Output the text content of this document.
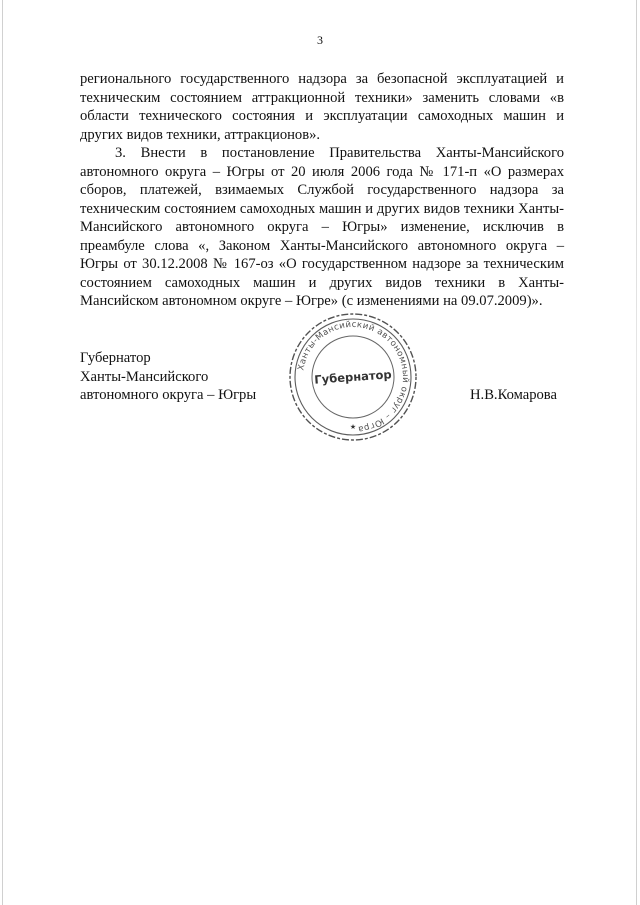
3

регионального государственного надзора за безопасной эксплуатацией и техническим состоянием аттракционной техники» заменить словами «в области технического состояния и эксплуатации самоходных машин и других видов техники, аттракционов».

3. Внести в постановление Правительства Ханты-Мансийского автономного округа – Югры от 20 июля 2006 года № 171-п «О размерах сборов, платежей, взимаемых Службой государственного надзора за техническим состоянием самоходных машин и других видов техники Ханты-Мансийского автономного округа – Югры» изменение, исключив в преамбуле слова «, Законом Ханты-Мансийского автономного округа – Югры от 30.12.2008 № 167-оз «О государственном надзоре за техническим состоянием самоходных машин и других видов техники в Ханты-Мансийском автономном округе – Югре» (с изменениями на 09.07.2009)».

Губернатор
Ханты-Мансийского
автономного округа – Югры
Ханты-Мансийский автономный округ – Югра
Губернатор
★
Н.В.Комарова
